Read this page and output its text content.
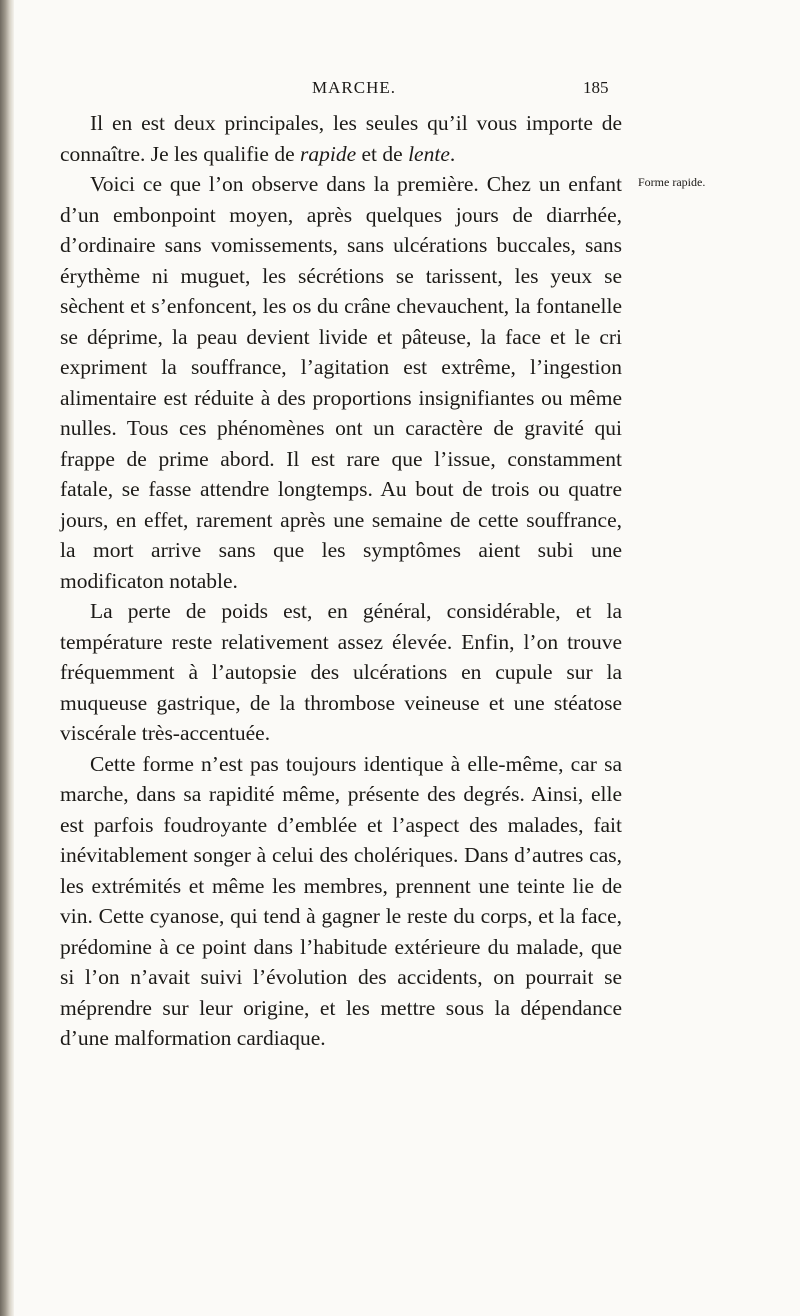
MARCHE.	185
Forme rapide.

Il en est deux principales, les seules qu’il vous importe de connaître. Je les qualifie de rapide et de lente.

Voici ce que l’on observe dans la première. Chez un enfant d’un embonpoint moyen, après quelques jours de diarrhée, d’ordinaire sans vomissements, sans ulcérations buccales, sans érythème ni muguet, les sécrétions se tarissent, les yeux se sèchent et s’enfoncent, les os du crâne chevauchent, la fontanelle se déprime, la peau devient livide et pâteuse, la face et le cri expriment la souffrance, l’agitation est extrême, l’ingestion alimentaire est réduite à des proportions insignifiantes ou même nulles. Tous ces phénomènes ont un caractère de gravité qui frappe de prime abord. Il est rare que l’issue, constamment fatale, se fasse attendre longtemps. Au bout de trois ou quatre jours, en effet, rarement après une semaine de cette souffrance, la mort arrive sans que les symptômes aient subi une modificaton notable.

La perte de poids est, en général, considérable, et la température reste relativement assez élevée. Enfin, l’on trouve fréquemment à l’autopsie des ulcérations en cupule sur la muqueuse gastrique, de la thrombose veineuse et une stéatose viscérale très-accentuée.

Cette forme n’est pas toujours identique à elle-même, car sa marche, dans sa rapidité même, présente des degrés. Ainsi, elle est parfois foudroyante d’emblée et l’aspect des malades, fait inévitablement songer à celui des cholériques. Dans d’autres cas, les extrémités et même les membres, prennent une teinte lie de vin. Cette cyanose, qui tend à gagner le reste du corps, et la face, prédomine à ce point dans l’habitude extérieure du malade, que si l’on n’avait suivi l’évolution des accidents, on pourrait se méprendre sur leur origine, et les mettre sous la dépendance d’une malformation cardiaque.
